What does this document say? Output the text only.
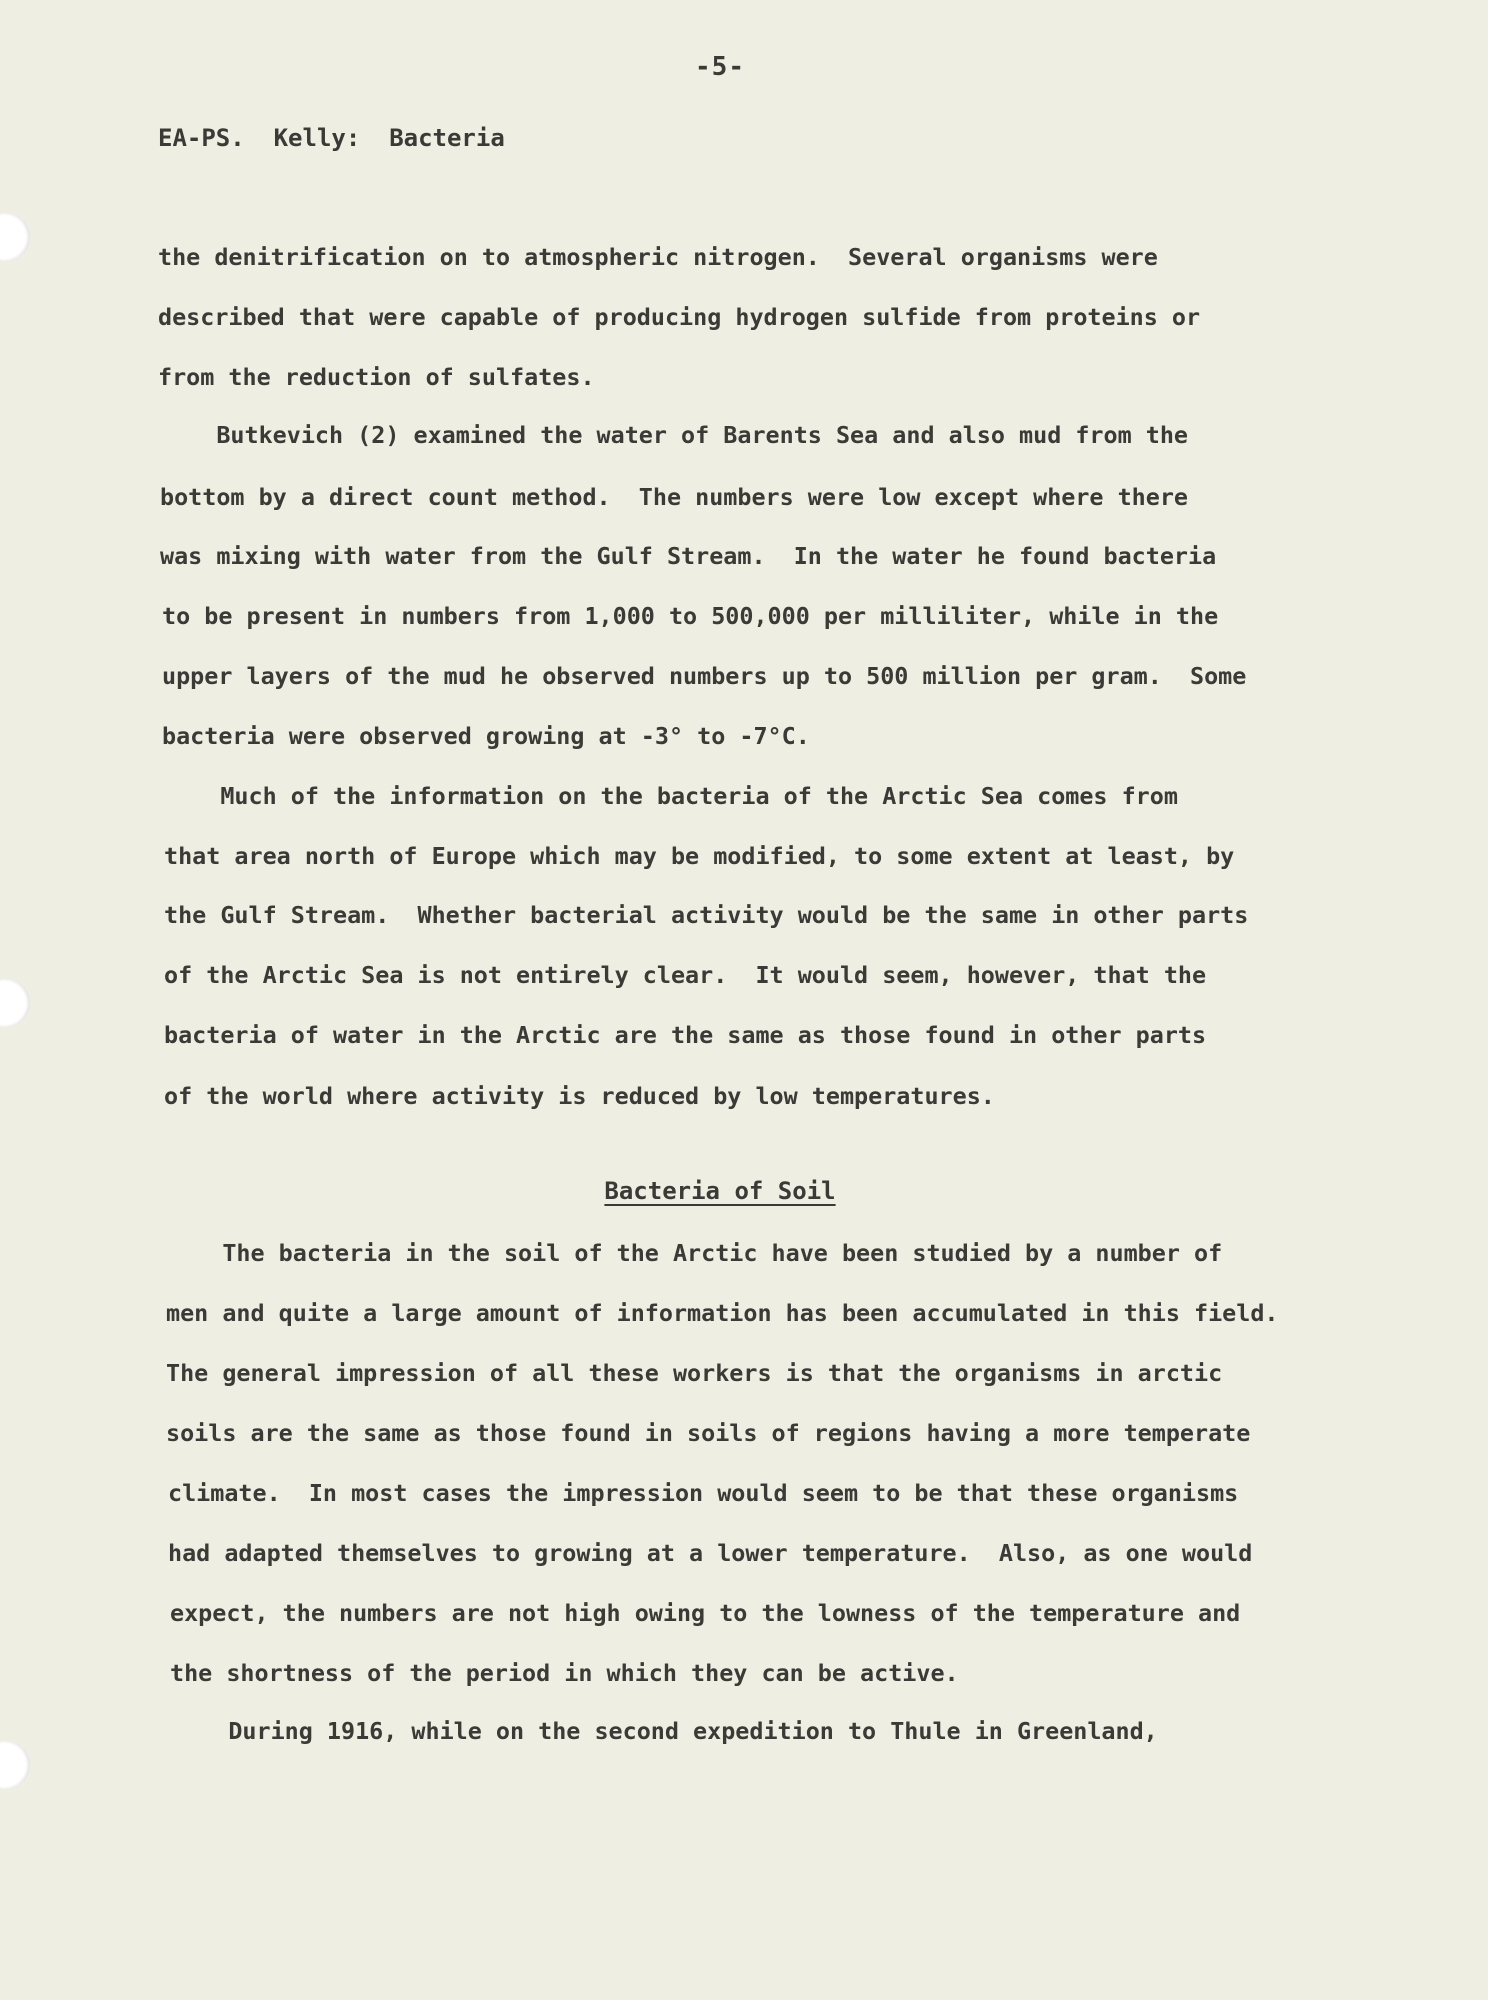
-5-
EA-PS.  Kelly:  Bacteria
the denitrification on to atmospheric nitrogen.  Several organisms were
described that were capable of producing hydrogen sulfide from proteins or
from the reduction of sulfates.
Butkevich (2) examined the water of Barents Sea and also mud from the
bottom by a direct count method.  The numbers were low except where there
was mixing with water from the Gulf Stream.  In the water he found bacteria
to be present in numbers from 1,000 to 500,000 per milliliter, while in the
upper layers of the mud he observed numbers up to 500 million per gram.  Some
bacteria were observed growing at -3° to -7°C.
Much of the information on the bacteria of the Arctic Sea comes from
that area north of Europe which may be modified, to some extent at least, by
the Gulf Stream.  Whether bacterial activity would be the same in other parts
of the Arctic Sea is not entirely clear.  It would seem, however, that the
bacteria of water in the Arctic are the same as those found in other parts
of the world where activity is reduced by low temperatures.
Bacteria of Soil
The bacteria in the soil of the Arctic have been studied by a number of
men and quite a large amount of information has been accumulated in this field.
The general impression of all these workers is that the organisms in arctic
soils are the same as those found in soils of regions having a more temperate
climate.  In most cases the impression would seem to be that these organisms
had adapted themselves to growing at a lower temperature.  Also, as one would
expect, the numbers are not high owing to the lowness of the temperature and
the shortness of the period in which they can be active.
During 1916, while on the second expedition to Thule in Greenland,
